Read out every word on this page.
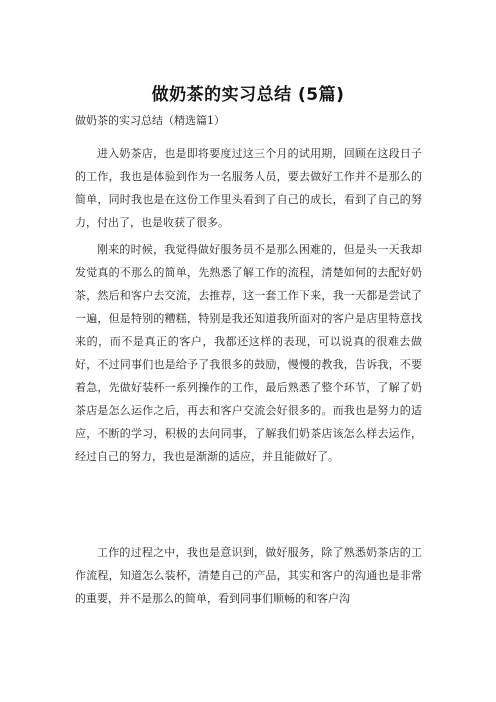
做奶茶的实习总结 (5篇)
做奶茶的实习总结（精选篇1）

进入奶茶店，也是即将要度过这三个月的试用期，回顾在这段日子的工作，我也是体验到作为一名服务人员，要去做好工作并不是那么的简单，同时我也是在这份工作里头看到了自己的成长，看到了自己的努力，付出了，也是收获了很多。

刚来的时候，我觉得做好服务员不是那么困难的，但是头一天我却发觉真的不那么的简单，先熟悉了解工作的流程，清楚如何的去配好奶茶，然后和客户去交流，去推荐，这一套工作下来，我一天都是尝试了一遍，但是特别的糟糕，特别是我还知道我所面对的客户是店里特意找来的，而不是真正的客户，我都还这样的表现，可以说真的很难去做好，不过同事们也是给予了我很多的鼓励，慢慢的教我，告诉我，不要着急，先做好装杯一系列操作的工作，最后熟悉了整个环节，了解了奶茶店是怎么运作之后，再去和客户交流会好很多的。而我也是努力的适应，不断的学习，积极的去问同事，了解我们奶茶店该怎么样去运作，经过自己的努力，我也是渐渐的适应，并且能做好了。

工作的过程之中，我也是意识到，做好服务，除了熟悉奶茶店的工作流程，知道怎么装杯，清楚自己的产品，其实和客户的沟通也是非常的重要，并不是那么的简单，看到同事们顺畅的和客户沟
